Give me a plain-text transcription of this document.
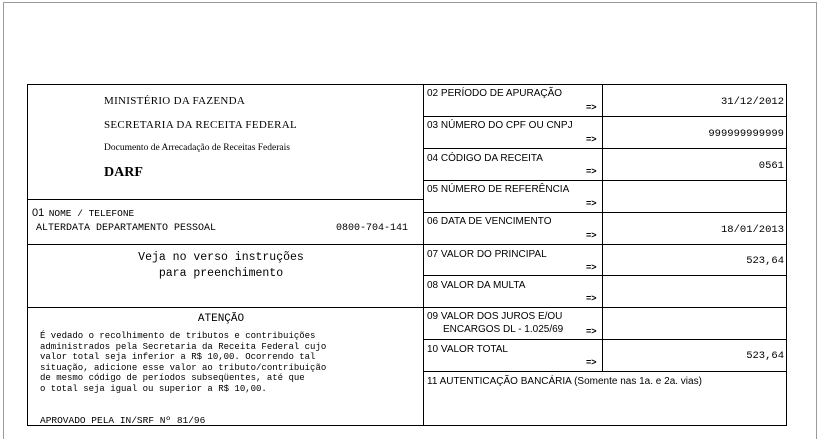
MINISTÉRIO DA FAZENDA
SECRETARIA DA RECEITA FEDERAL
Documento de Arrecadação de Receitas Federais
DARF
01 NOME / TELEFONE
ALTERDATA DEPARTAMENTO PESSOAL	0800-704-141
Veja no verso instruções
para preenchimento
ATENÇÃO
É vedado o recolhimento de tributos e contribuições
administrados pela Secretaria da Receita Federal cujo
valor total seja inferior a R$ 10,00. Ocorrendo tal
situação, adicione esse valor ao tributo/contribuição
de mesmo código de períodos subseqüentes, até que
o total seja igual ou superior a R$ 10,00.
APROVADO PELA IN/SRF Nº 81/96
02 PERÍODO DE APURAÇÃO
=>	31/12/2012
03 NÚMERO DO CPF OU CNPJ
=>	999999999999
04 CÓDIGO DA RECEITA
=>	0561
05 NÚMERO DE REFERÊNCIA
=>
06 DATA DE VENCIMENTO
=>	18/01/2013
07 VALOR DO PRINCIPAL
=>	523,64
08 VALOR DA MULTA
=>
09 VALOR DOS JUROS E/OU
ENCARGOS DL - 1.025/69	=>
10 VALOR TOTAL
=>	523,64
11 AUTENTICAÇÃO BANCÁRIA (Somente nas 1a. e 2a. vias)
